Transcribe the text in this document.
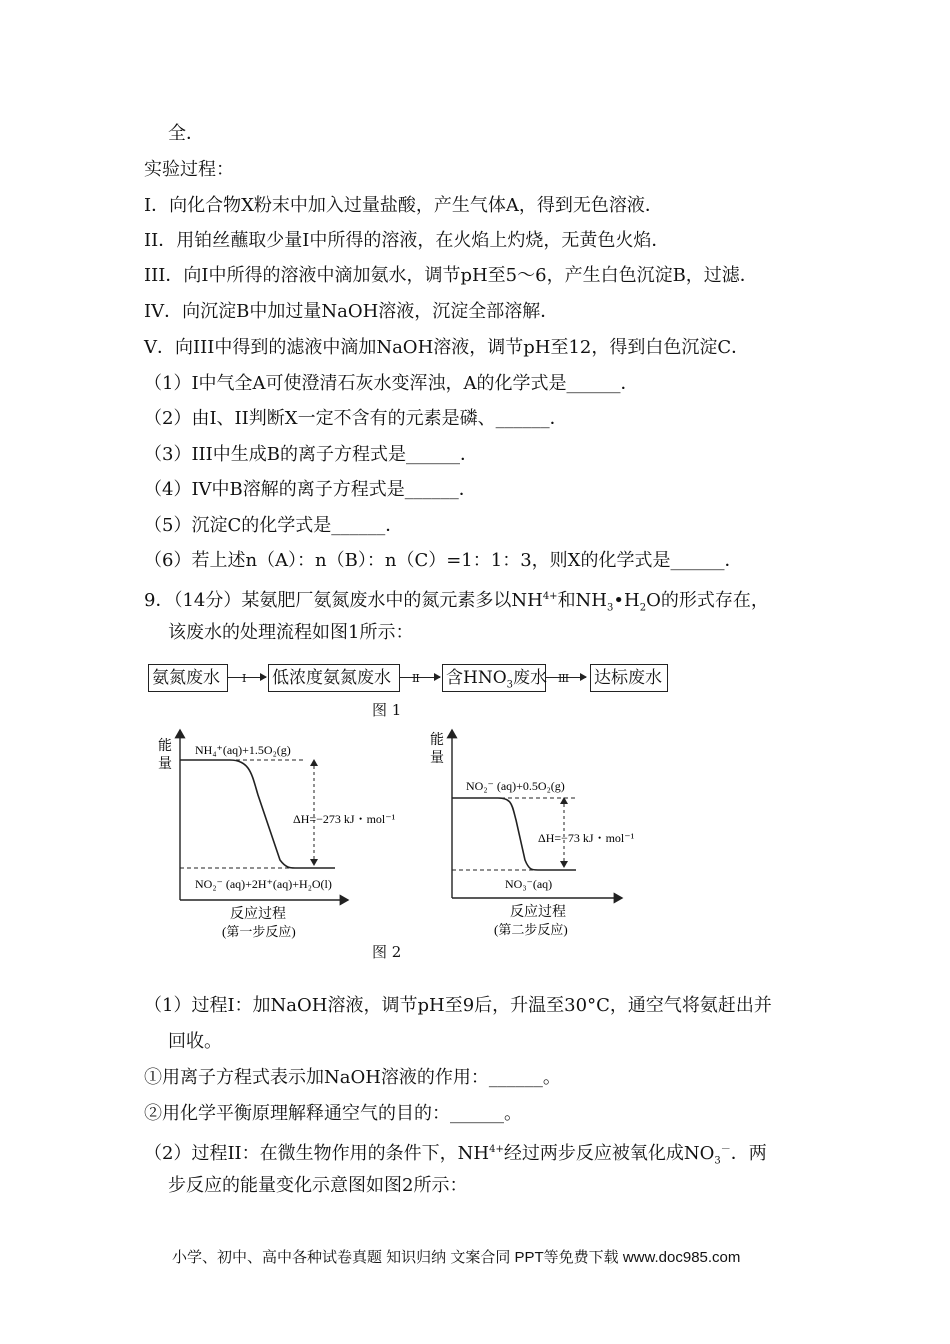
全．
实验过程：
I．向化合物X粉末中加入过量盐酸，产生气体A，得到无色溶液．
II．用铂丝蘸取少量I中所得的溶液，在火焰上灼烧，无黄色火焰．
III．向I中所得的溶液中滴加氨水，调节pH至5～6，产生白色沉淀B，过滤．
IV．向沉淀B中加过量NaOH溶液，沉淀全部溶解．
V．向III中得到的滤液中滴加NaOH溶液，调节pH至12，得到白色沉淀C．
（1）I中气全A可使澄清石灰水变浑浊，A的化学式是______．
（2）由I、II判断X一定不含有的元素是磷、______．
（3）III中生成B的离子方程式是______．
（4）IV中B溶解的离子方程式是______．
（5）沉淀C的化学式是______．
（6）若上述n（A）：n（B）：n（C）=1：1：3，则X的化学式是______．
9．（14分）某氨肥厂氨氮废水中的氮元素多以$NH^{4+}$和$NH_3•H_2O$的形式存在，
该废水的处理流程如图1所示：
氨氮废水	I 低浓度氨氮废水	II 含$HNO_3$废水 III 达标废水
图 1
能
量
NH₄⁺(aq)+1.5O₂(g)
NO₂⁻ (aq)+2H⁺(aq)+H₂O(l)
ΔH=−273 kJ・mol⁻¹
反应过程
(第一步反应)
能
量
NO₂⁻ (aq)+0.5O₂(g)
NO₃⁻(aq)
ΔH=−73 kJ・mol⁻¹
反应过程
(第二步反应)
图 2
（1）过程I：加NaOH溶液，调节pH至9后，升温至30°C，通空气将氨赶出并
回收。
①用离子方程式表示加NaOH溶液的作用：______。
②用化学平衡原理解释通空气的目的：______。
（2）过程II：在微生物作用的条件下，$NH^{4+}$经过两步反应被氧化成$NO_3^-$．两
步反应的能量变化示意图如图2所示：
小学、初中、高中各种试卷真题 知识归纳 文案合同 PPT等免费下载 www.doc985.com
